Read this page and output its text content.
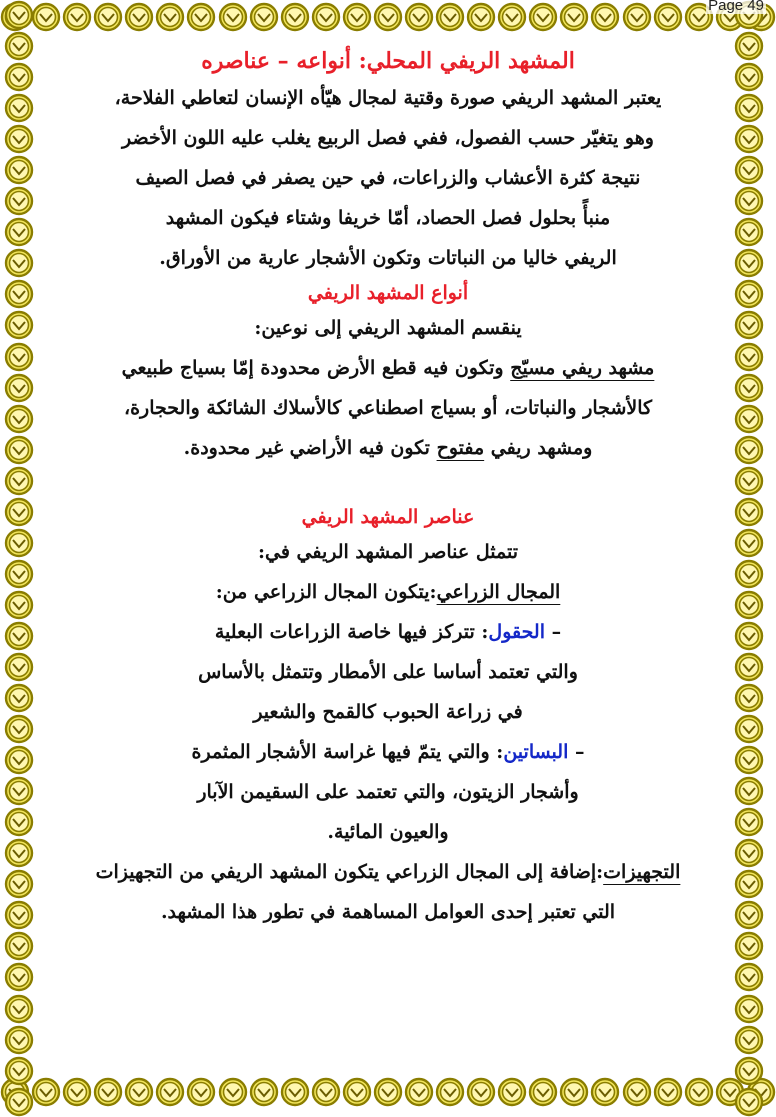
Page 49
المشهد الريفي المحلي: أنواعه – عناصره

يعتبر المشهد الريفي صورة وقتية لمجال هيّأه الإنسان لتعاطي الفلاحة،

وهو يتغيّر حسب الفصول، ففي فصل الربيع يغلب عليه اللون الأخضر

نتيجة كثرة الأعشاب والزراعات، في حين يصفر في فصل الصيف

منبأً بحلول فصل الحصاد، أمّا خريفا وشتاء فيكون المشهد

الريفي خاليا من النباتات وتكون الأشجار عارية من الأوراق.

أنواع المشهد الريفي

ينقسم المشهد الريفي إلى نوعين:

مشهد ريفي مسيّج وتكون فيه قطع الأرض محدودة إمّا بسياج طبيعي

كالأشجار والنباتات، أو بسياج اصطناعي كالأسلاك الشائكة والحجارة،

ومشهد ريفي مفتوح تكون فيه الأراضي غير محدودة.

عناصر المشهد الريفي

تتمثل عناصر المشهد الريفي في:

المجال الزراعي:يتكون المجال الزراعي من:

– الحقول: تتركز فيها خاصة الزراعات البعلية

والتي تعتمد أساسا على الأمطار وتتمثل بالأساس

في زراعة الحبوب كالقمح والشعير

– البساتين: والتي يتمّ فيها غراسة الأشجار المثمرة

وأشجار الزيتون، والتي تعتمد على السقيمن الآبار

والعيون المائية.

التجهيزات:إضافة إلى المجال الزراعي يتكون المشهد الريفي من التجهيزات

التي تعتبر إحدى العوامل المساهمة في تطور هذا المشهد.
